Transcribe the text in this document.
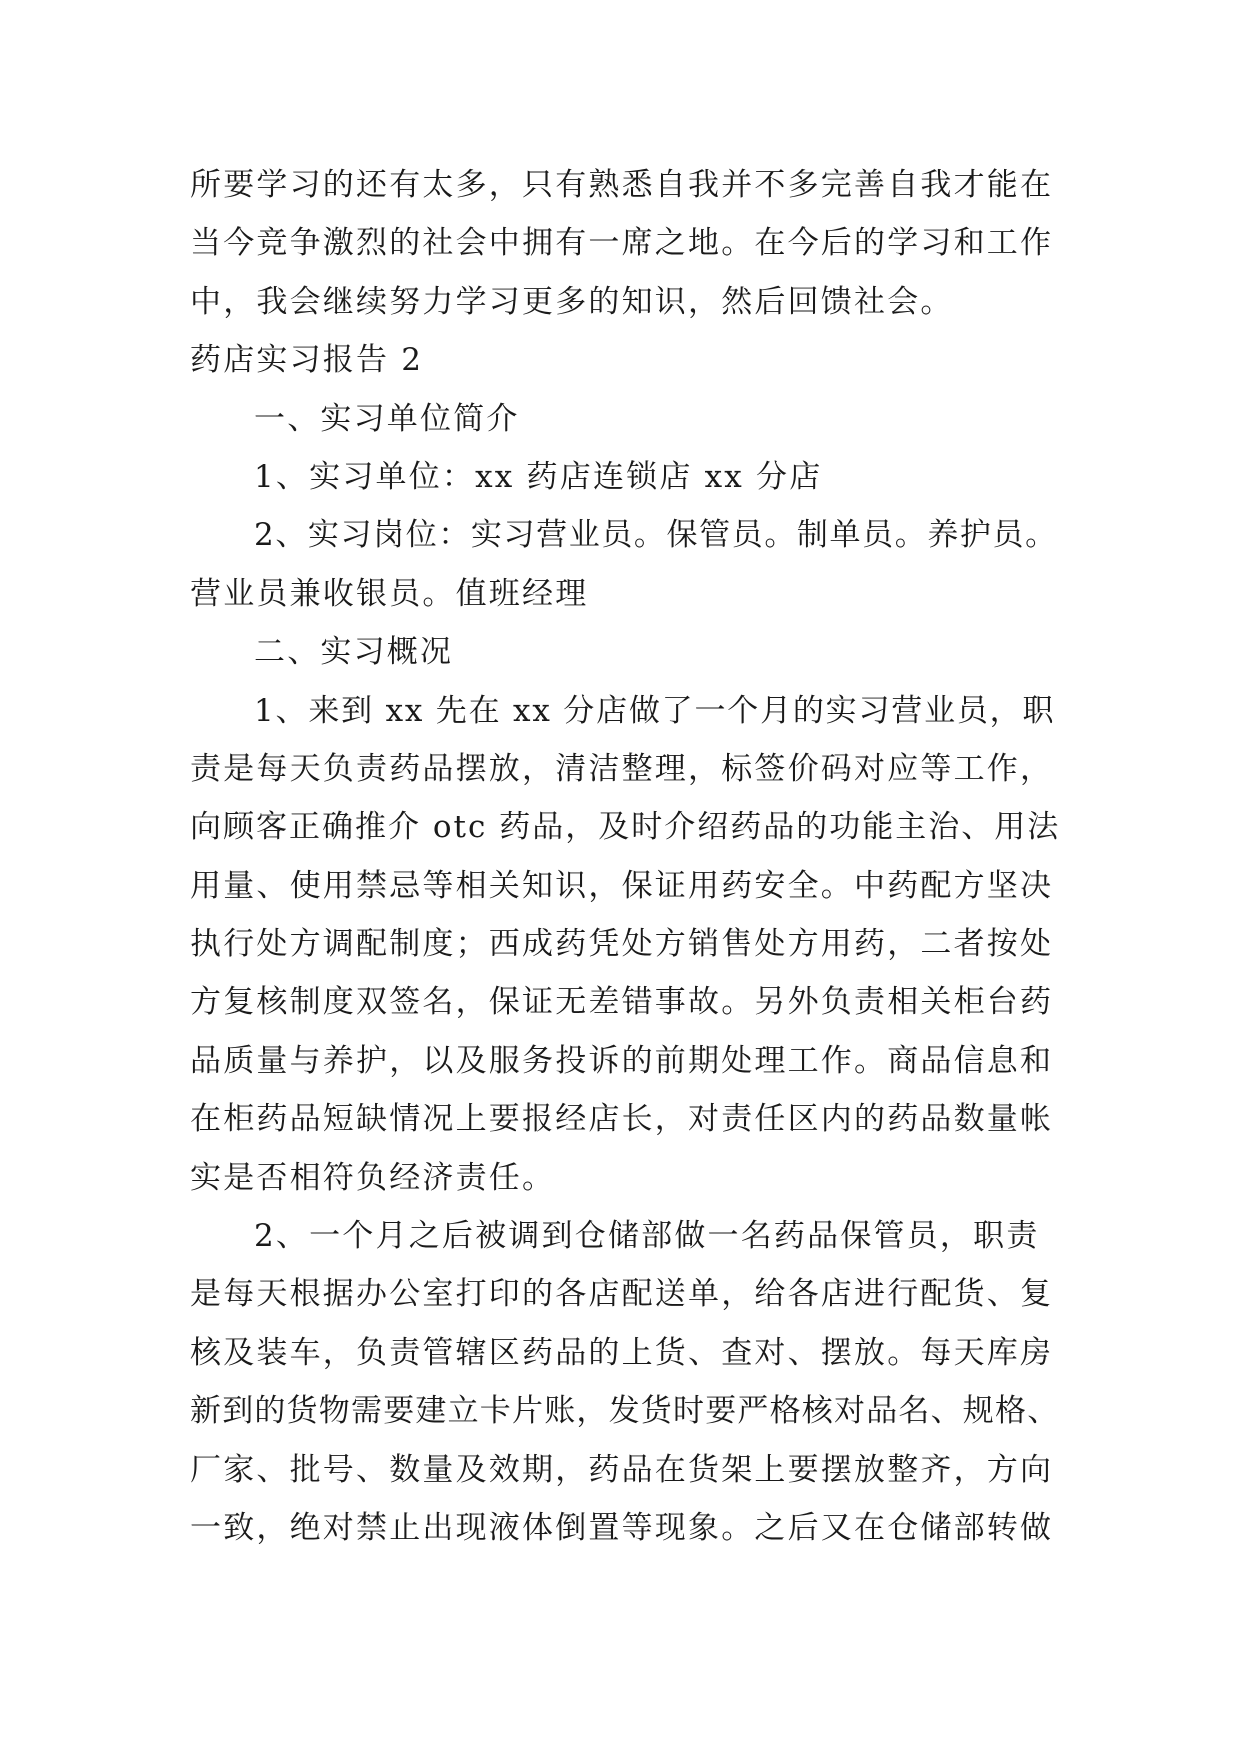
所要学习的还有太多，只有熟悉自我并不多完善自我才能在
当今竞争激烈的社会中拥有一席之地。在今后的学习和工作
中，我会继续努力学习更多的知识，然后回馈社会。
药店实习报告 2
一、实习单位简介
1、实习单位：xx 药店连锁店 xx 分店
2、实习岗位：实习营业员。保管员。制单员。养护员。
营业员兼收银员。值班经理
二、实习概况
1、来到 xx 先在 xx 分店做了一个月的实习营业员，职
责是每天负责药品摆放，清洁整理，标签价码对应等工作，
向顾客正确推介 otc 药品，及时介绍药品的功能主治、用法
用量、使用禁忌等相关知识，保证用药安全。中药配方坚决
执行处方调配制度；西成药凭处方销售处方用药，二者按处
方复核制度双签名，保证无差错事故。另外负责相关柜台药
品质量与养护，以及服务投诉的前期处理工作。商品信息和
在柜药品短缺情况上要报经店长，对责任区内的药品数量帐
实是否相符负经济责任。
2、一个月之后被调到仓储部做一名药品保管员，职责
是每天根据办公室打印的各店配送单，给各店进行配货、复
核及装车，负责管辖区药品的上货、查对、摆放。每天库房
新到的货物需要建立卡片账，发货时要严格核对品名、规格、
厂家、批号、数量及效期，药品在货架上要摆放整齐，方向
一致，绝对禁止出现液体倒置等现象。之后又在仓储部转做
